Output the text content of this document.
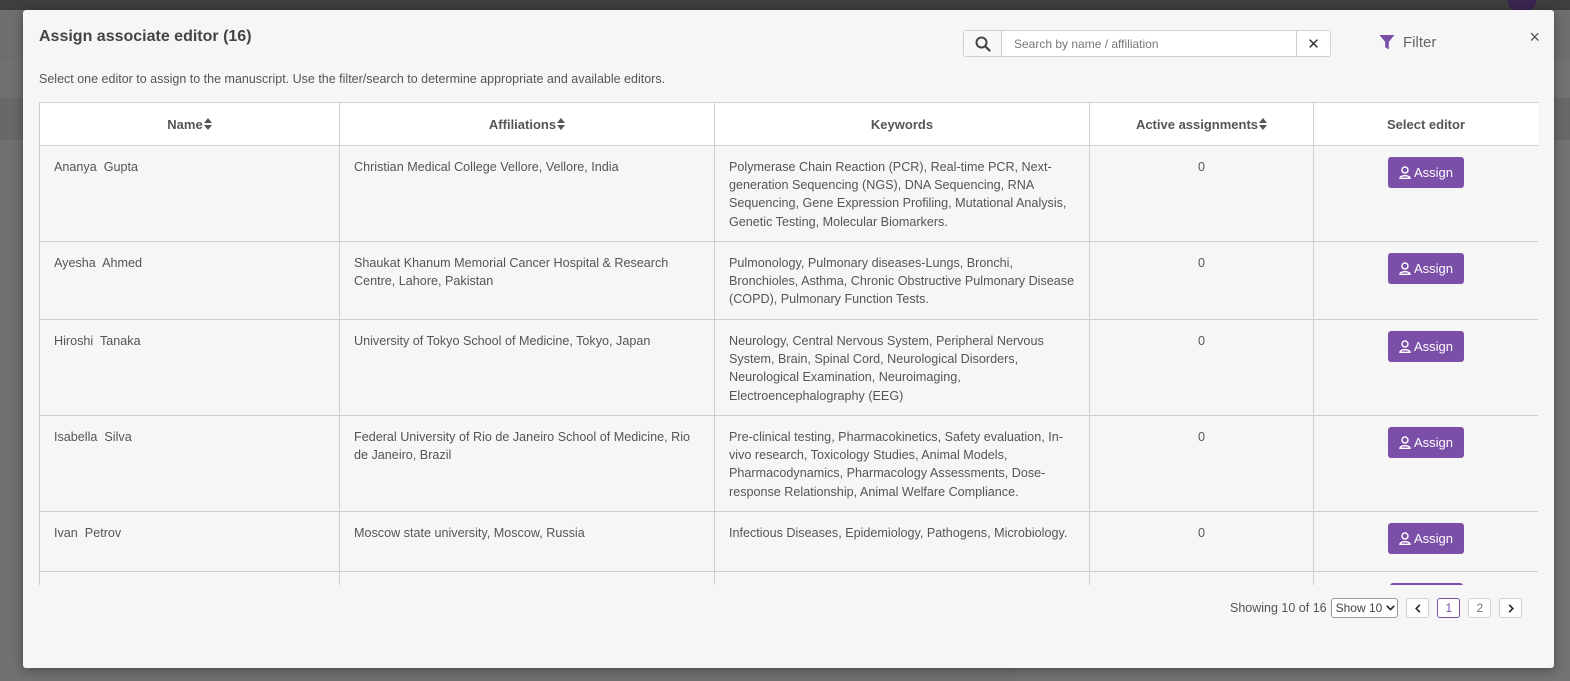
Assign associate editor (16)	×
Search by name / affiliation
✕	Filter
Select one editor to assign to the manuscript. Use the filter/search to determine appropriate and available editors.
Name	Affiliations	Keywords	Active assignments	Select editor
Ananya  Gupta	Christian Medical College Vellore, Vellore, India	Polymerase Chain Reaction (PCR), Real-time PCR, Next-generation Sequencing (NGS), DNA Sequencing, RNA Sequencing, Gene Expression Profiling, Mutational Analysis, Genetic Testing, Molecular Biomarkers.	0	Assign

Ayesha  Ahmed	Shaukat Khanum Memorial Cancer Hospital & Research Centre, Lahore, Pakistan	Pulmonology, Pulmonary diseases-Lungs, Bronchi, Bronchioles, Asthma, Chronic Obstructive Pulmonary Disease (COPD), Pulmonary Function Tests.	0	Assign

Hiroshi  Tanaka	University of Tokyo School of Medicine, Tokyo, Japan	Neurology, Central Nervous System, Peripheral Nervous System, Brain, Spinal Cord, Neurological Disorders, Neurological Examination, Neuroimaging, Electroencephalography (EEG)	0	Assign

Isabella  Silva	Federal University of Rio de Janeiro School of Medicine, Rio de Janeiro, Brazil	Pre-clinical testing, Pharmacokinetics, Safety evaluation, In-vivo research, Toxicology Studies, Animal Models, Pharmacodynamics, Pharmacology Assessments, Dose-response Relationship, Animal Welfare Compliance.	0	Assign

Ivan  Petrov	Moscow state university, Moscow, Russia	Infectious Diseases, Epidemiology, Pathogens, Microbiology.	0	Assign

Showing 10 of 16 Show 10	1	2
